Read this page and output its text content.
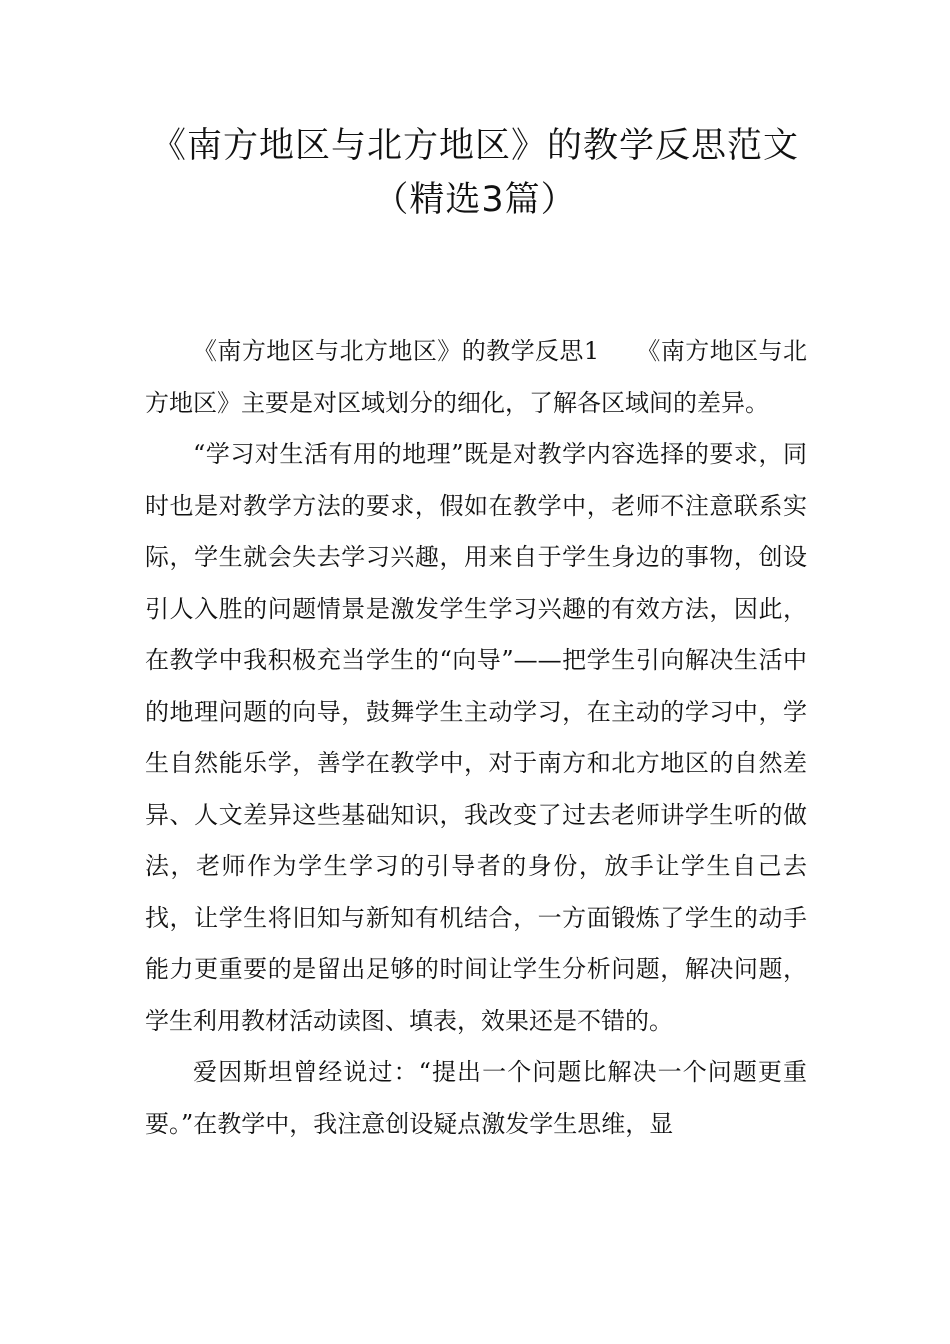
《南方地区与北方地区》的教学反思范文
（精选3篇）

《南方地区与北方地区》的教学反思1　　《南方地区与北方地区》主要是对区域划分的细化，了解各区域间的差异。

“学习对生活有用的地理”既是对教学内容选择的要求，同时也是对教学方法的要求，假如在教学中，老师不注意联系实际，学生就会失去学习兴趣，用来自于学生身边的事物，创设引人入胜的问题情景是激发学生学习兴趣的有效方法，因此，在教学中我积极充当学生的“向导”——把学生引向解决生活中的地理问题的向导，鼓舞学生主动学习，在主动的学习中，学生自然能乐学，善学在教学中，对于南方和北方地区的自然差异、人文差异这些基础知识，我改变了过去老师讲学生听的做法，老师作为学生学习的引导者的身份，放手让学生自己去找，让学生将旧知与新知有机结合，一方面锻炼了学生的动手能力更重要的是留出足够的时间让学生分析问题，解决问题，学生利用教材活动读图、填表，效果还是不错的。

爱因斯坦曾经说过：“提出一个问题比解决一个问题更重要。”在教学中，我注意创设疑点激发学生思维，显
